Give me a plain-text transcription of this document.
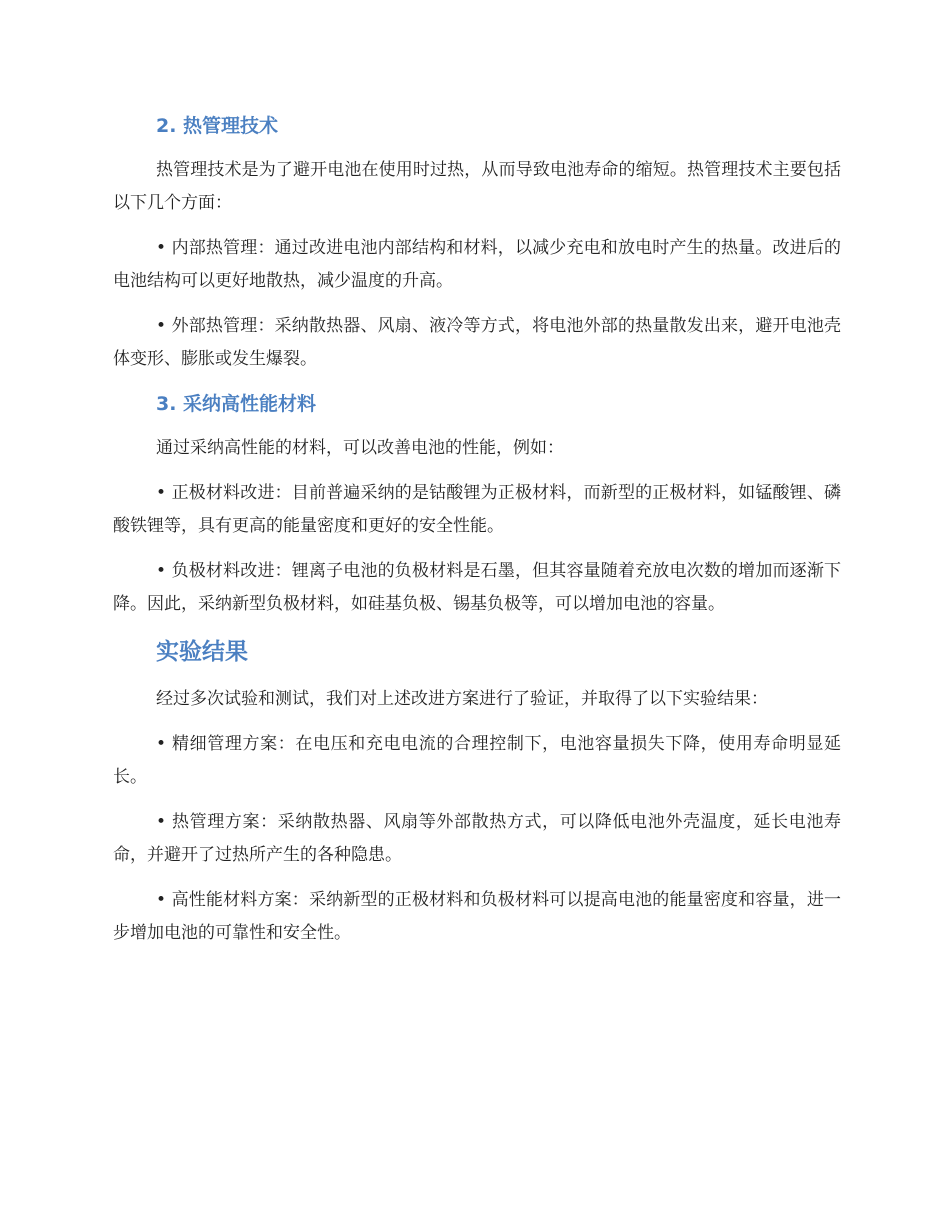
2. 热管理技术

热管理技术是为了避开电池在使用时过热，从而导致电池寿命的缩短。热管理技术主要包括以下几个方面：

• 内部热管理：通过改进电池内部结构和材料，以减少充电和放电时产生的热量。改进后的电池结构可以更好地散热，减少温度的升高。

• 外部热管理：采纳散热器、风扇、液冷等方式，将电池外部的热量散发出来，避开电池壳体变形、膨胀或发生爆裂。

3. 采纳高性能材料

通过采纳高性能的材料，可以改善电池的性能，例如：

• 正极材料改进：目前普遍采纳的是钴酸锂为正极材料，而新型的正极材料，如锰酸锂、磷酸铁锂等，具有更高的能量密度和更好的安全性能。

• 负极材料改进：锂离子电池的负极材料是石墨，但其容量随着充放电次数的增加而逐渐下降。因此，采纳新型负极材料，如硅基负极、锡基负极等，可以增加电池的容量。

实验结果

经过多次试验和测试，我们对上述改进方案进行了验证，并取得了以下实验结果：

• 精细管理方案：在电压和充电电流的合理控制下，电池容量损失下降，使用寿命明显延长。

• 热管理方案：采纳散热器、风扇等外部散热方式，可以降低电池外壳温度，延长电池寿命，并避开了过热所产生的各种隐患。

• 高性能材料方案：采纳新型的正极材料和负极材料可以提高电池的能量密度和容量，进一步增加电池的可靠性和安全性。
